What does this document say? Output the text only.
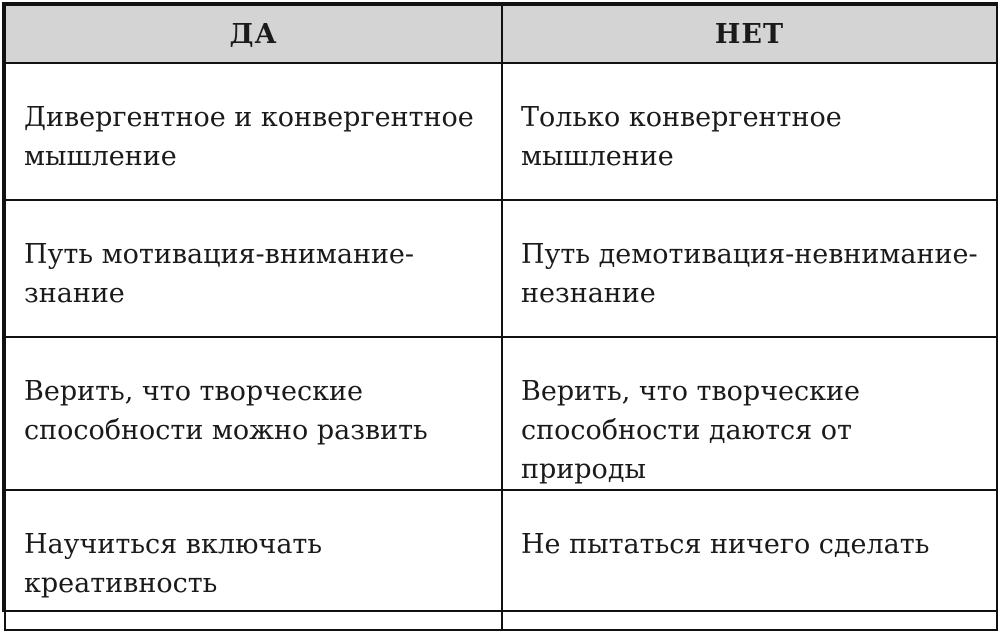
ДА	НЕТ
Дивергентное и конвергентное мышление	Только конвергентное мышление
Путь мотивация-внимание-знание	Путь демотивация-невнимание-незнание
Верить, что творческие способности можно развить	Верить, что творческие способности даются от природы
Научиться включать креативность	Не пытаться ничего сделать
